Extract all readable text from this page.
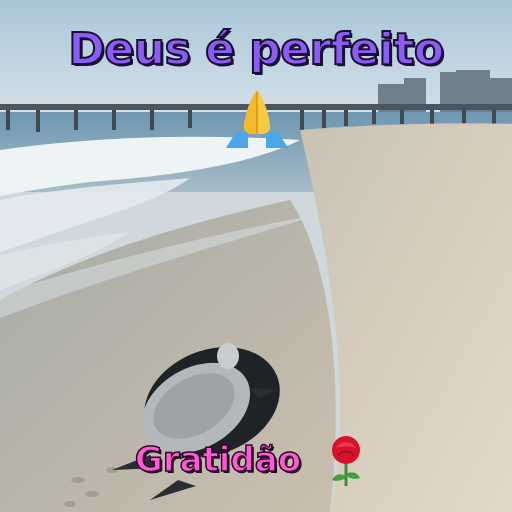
Deus é perfeito
Gratidão
